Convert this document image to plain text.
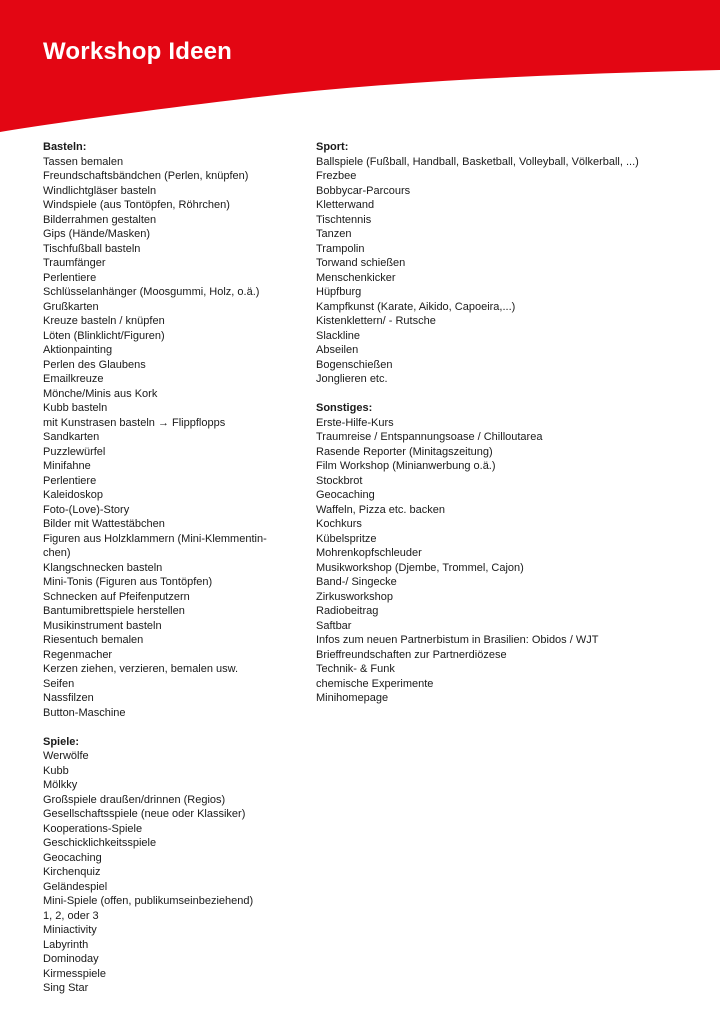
Workshop Ideen
Basteln:
Tassen bemalen
Freundschaftsbändchen (Perlen, knüpfen)
Windlichtgläser basteln
Windspiele (aus Tontöpfen, Röhrchen)
Bilderrahmen gestalten
Gips (Hände/Masken)
Tischfußball basteln
Traumfänger
Perlentiere
Schlüsselanhänger (Moosgummi, Holz, o.ä.)
Grußkarten
Kreuze basteln / knüpfen
Löten (Blinklicht/Figuren)
Aktionpainting
Perlen des Glaubens
Emailkreuze
Mönche/Minis aus Kork
Kubb basteln
mit Kunstrasen basteln → Flippflopps
Sandkarten
Puzzlewürfel
Minifahne
Perlentiere
Kaleidoskop
Foto-(Love)-Story
Bilder mit Wattestäbchen
Figuren aus Holzklammern (Mini-Klemmentin-chen)
Klangschnecken basteln
Mini-Tonis (Figuren aus Tontöpfen)
Schnecken auf Pfeifenputzern
Bantumibrettspiele herstellen
Musikinstrument basteln
Riesentuch bemalen
Regenmacher
Kerzen ziehen, verzieren, bemalen usw.
Seifen
Nassfilzen
Button-Maschine
Spiele:
Werwölfe
Kubb
Mölkky
Großspiele draußen/drinnen (Regios)
Gesellschaftsspiele (neue oder Klassiker)
Kooperations-Spiele
Geschicklichkeitsspiele
Geocaching
Kirchenquiz
Geländespiel
Mini-Spiele (offen, publikumseinbeziehend)
1, 2, oder 3
Miniactivity
Labyrinth
Dominoday
Kirmesspiele
Sing Star
Sport:
Ballspiele (Fußball, Handball, Basketball, Volleyball, Völkerball, ...)
Frezbee
Bobbycar-Parcours
Kletterwand
Tischtennis
Tanzen
Trampolin
Torwand schießen
Menschenkicker
Hüpfburg
Kampfkunst (Karate, Aikido, Capoeira,...)
Kistenklettern/ - Rutsche
Slackline
Abseilen
Bogenschießen
Jonglieren etc.
Sonstiges:
Erste-Hilfe-Kurs
Traumreise / Entspannungsoase / Chilloutarea
Rasende Reporter (Minitagszeitung)
Film Workshop (Minianwerbung o.ä.)
Stockbrot
Geocaching
Waffeln, Pizza etc. backen
Kochkurs
Kübelspritze
Mohrenkopfschleuder
Musikworkshop (Djembe, Trommel, Cajon)
Band-/ Singecke
Zirkusworkshop
Radiobeitrag
Saftbar
Infos zum neuen Partnerbistum in Brasilien: Obidos / WJT
Brieffreundschaften zur Partnerdiözese
Technik- & Funk
chemische Experimente
Minihomepage
